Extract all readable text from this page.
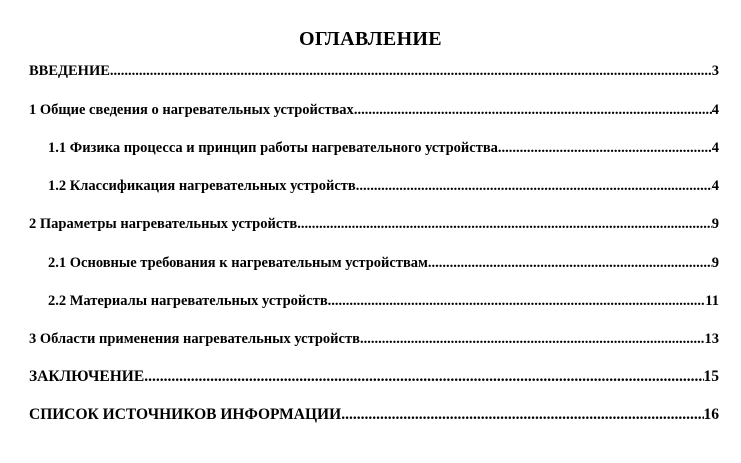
ОГЛАВЛЕНИЕ
ВВЕДЕНИЕ .....	3
1 Общие сведения о нагревательных устройствах .....	4
1.1 Физика процесса и принцип работы нагревательного устройства .....	4
1.2 Классификация нагревательных устройств .....	4
2 Параметры нагревательных устройств .....	9
2.1 Основные требования к нагревательным устройствам .....	9
2.2 Материалы нагревательных устройств .....	11
3 Области применения нагревательных устройств .....	13
ЗАКЛЮЧЕНИЕ .....	15
СПИСОК ИСТОЧНИКОВ ИНФОРМАЦИИ .....	16
